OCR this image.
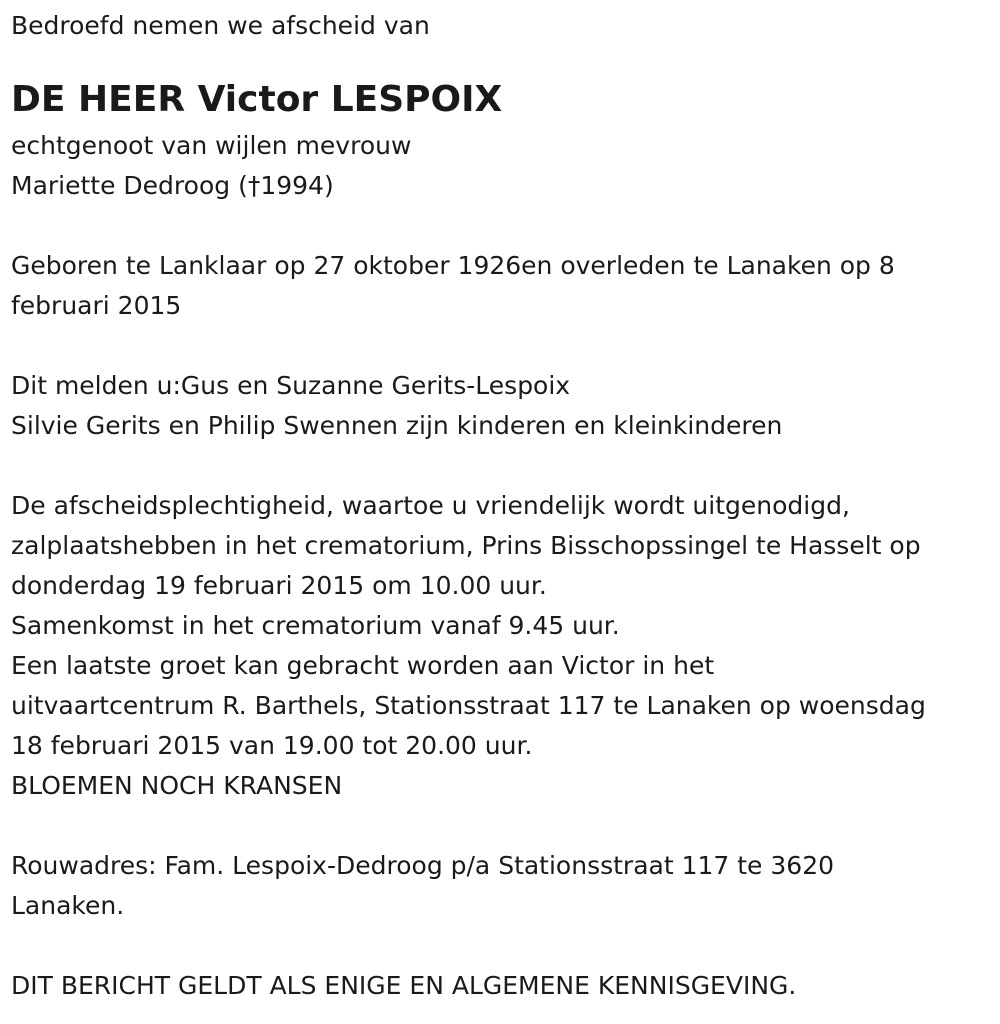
Bedroefd nemen we afscheid van
DE HEER Victor LESPOIX
echtgenoot van wijlen mevrouw
Mariette Dedroog (†1994)
Geboren te Lanklaar op 27 oktober 1926en overleden te Lanaken op 8
februari 2015
Dit melden u:Gus en Suzanne Gerits-Lespoix
Silvie Gerits en Philip Swennen zijn kinderen en kleinkinderen
De afscheidsplechtigheid, waartoe u vriendelijk wordt uitgenodigd,
zalplaatshebben in het crematorium, Prins Bisschopssingel te Hasselt op
donderdag 19 februari 2015 om 10.00 uur.
Samenkomst in het crematorium vanaf 9.45 uur.
Een laatste groet kan gebracht worden aan Victor in het
uitvaartcentrum R. Barthels, Stationsstraat 117 te Lanaken op woensdag
18 februari 2015 van 19.00 tot 20.00 uur.
BLOEMEN NOCH KRANSEN
Rouwadres: Fam. Lespoix-Dedroog p/a Stationsstraat 117 te 3620
Lanaken.
DIT BERICHT GELDT ALS ENIGE EN ALGEMENE KENNISGEVING.
